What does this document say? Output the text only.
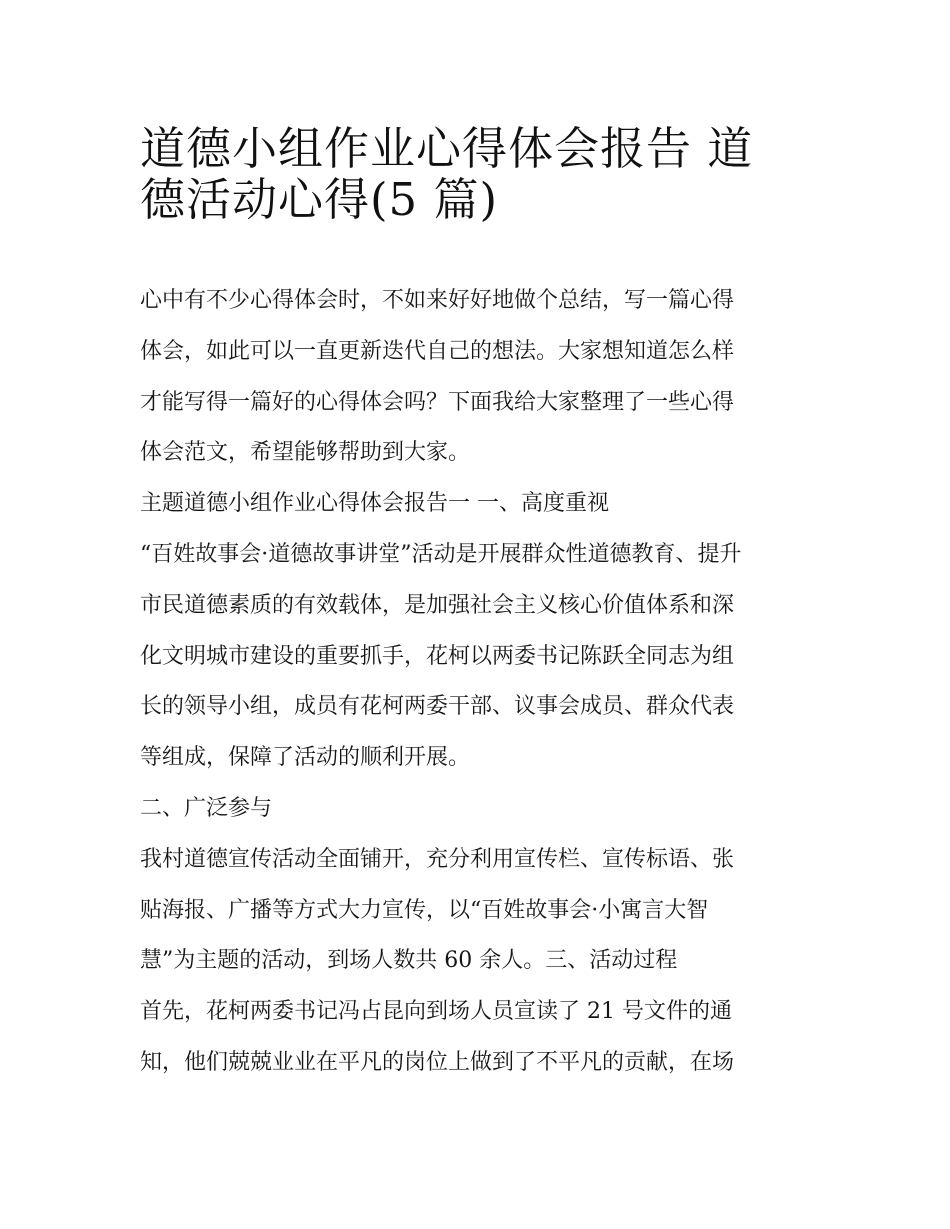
道德小组作业心得体会报告 道
德活动心得(5 篇)

心中有不少心得体会时，不如来好好地做个总结，写一篇心得
体会，如此可以一直更新迭代自己的想法。大家想知道怎么样
才能写得一篇好的心得体会吗？下面我给大家整理了一些心得
体会范文，希望能够帮助到大家。

主题道德小组作业心得体会报告一 一、高度重视

“百姓故事会·道德故事讲堂”活动是开展群众性道德教育、提升
市民道德素质的有效载体，是加强社会主义核心价值体系和深
化文明城市建设的重要抓手，花柯以两委书记陈跃全同志为组
长的领导小组，成员有花柯两委干部、议事会成员、群众代表
等组成，保障了活动的顺利开展。

二、广泛参与

我村道德宣传活动全面铺开，充分利用宣传栏、宣传标语、张
贴海报、广播等方式大力宣传，以“百姓故事会·小寓言大智
慧”为主题的活动，到场人数共 60 余人。三、活动过程

首先，花柯两委书记冯占昆向到场人员宣读了 21 号文件的通
知，他们兢兢业业在平凡的岗位上做到了不平凡的贡献，在场
